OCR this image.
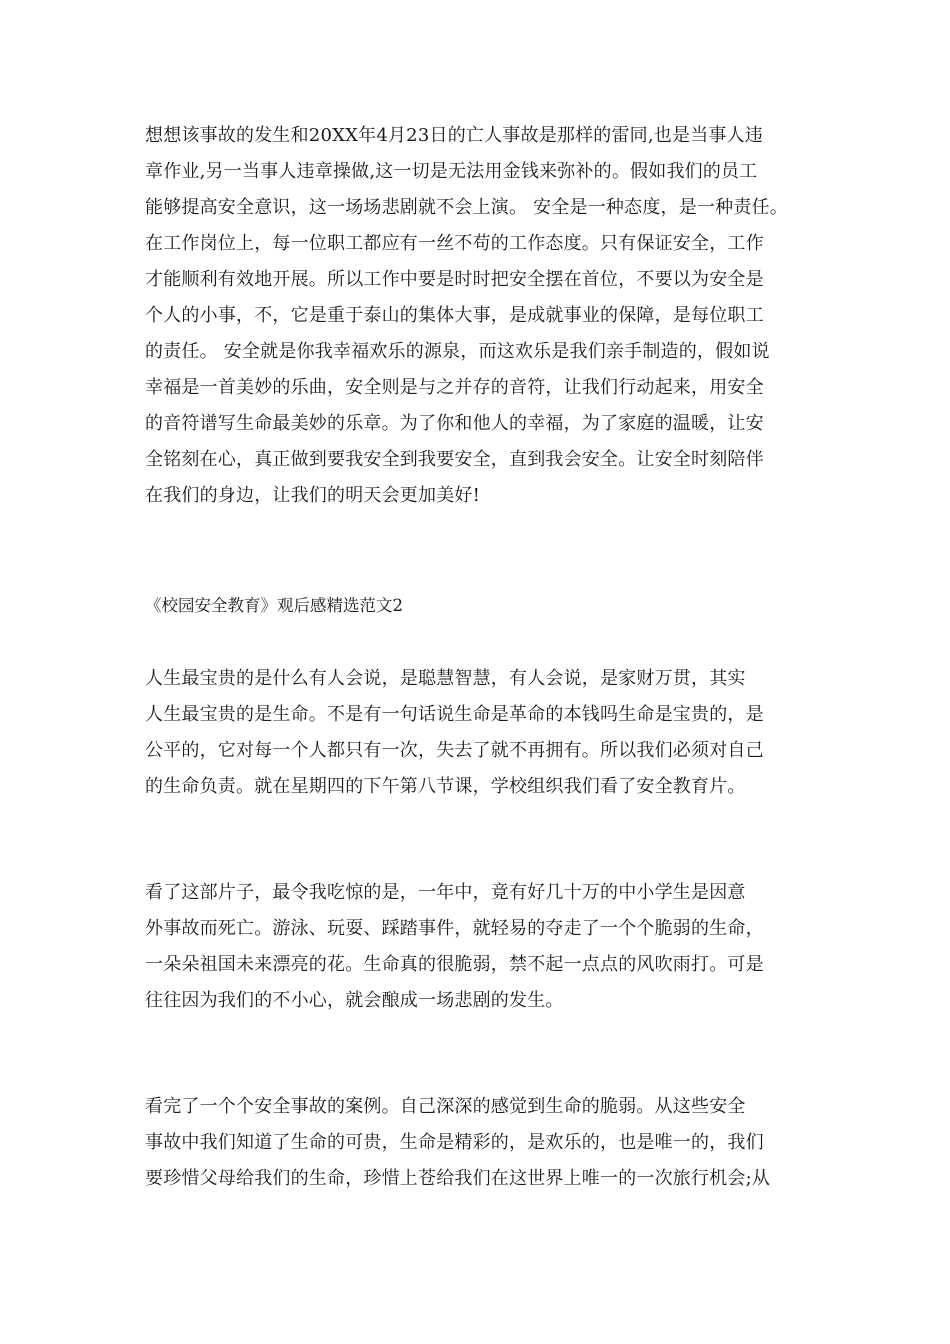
想想该事故的发生和20XX年4月23日的亡人事故是那样的雷同,也是当事人违

章作业,另一当事人违章操做,这一切是无法用金钱来弥补的。假如我们的员工

能够提高安全意识，这一场场悲剧就不会上演。 安全是一种态度，是一种责任。

在工作岗位上，每一位职工都应有一丝不苟的工作态度。只有保证安全，工作

才能顺利有效地开展。所以工作中要是时时把安全摆在首位，不要以为安全是

个人的小事，不，它是重于泰山的集体大事，是成就事业的保障，是每位职工

的责任。 安全就是你我幸福欢乐的源泉，而这欢乐是我们亲手制造的，假如说

幸福是一首美妙的乐曲，安全则是与之并存的音符，让我们行动起来，用安全

的音符谱写生命最美妙的乐章。为了你和他人的幸福，为了家庭的温暖，让安

全铭刻在心，真正做到要我安全到我要安全，直到我会安全。让安全时刻陪伴

在我们的身边，让我们的明天会更加美好!

《校园安全教育》观后感精选范文2

人生最宝贵的是什么有人会说，是聪慧智慧，有人会说，是家财万贯，其实

人生最宝贵的是生命。不是有一句话说生命是革命的本钱吗生命是宝贵的，是

公平的，它对每一个人都只有一次，失去了就不再拥有。所以我们必须对自己

的生命负责。就在星期四的下午第八节课，学校组织我们看了安全教育片。

看了这部片子，最令我吃惊的是，一年中，竟有好几十万的中小学生是因意

外事故而死亡。游泳、玩耍、踩踏事件，就轻易的夺走了一个个脆弱的生命，

一朵朵祖国未来漂亮的花。生命真的很脆弱，禁不起一点点的风吹雨打。可是

往往因为我们的不小心，就会酿成一场悲剧的发生。

看完了一个个安全事故的案例。自己深深的感觉到生命的脆弱。从这些安全

事故中我们知道了生命的可贵，生命是精彩的，是欢乐的，也是唯一的，我们

要珍惜父母给我们的生命，珍惜上苍给我们在这世界上唯一的一次旅行机会;从
